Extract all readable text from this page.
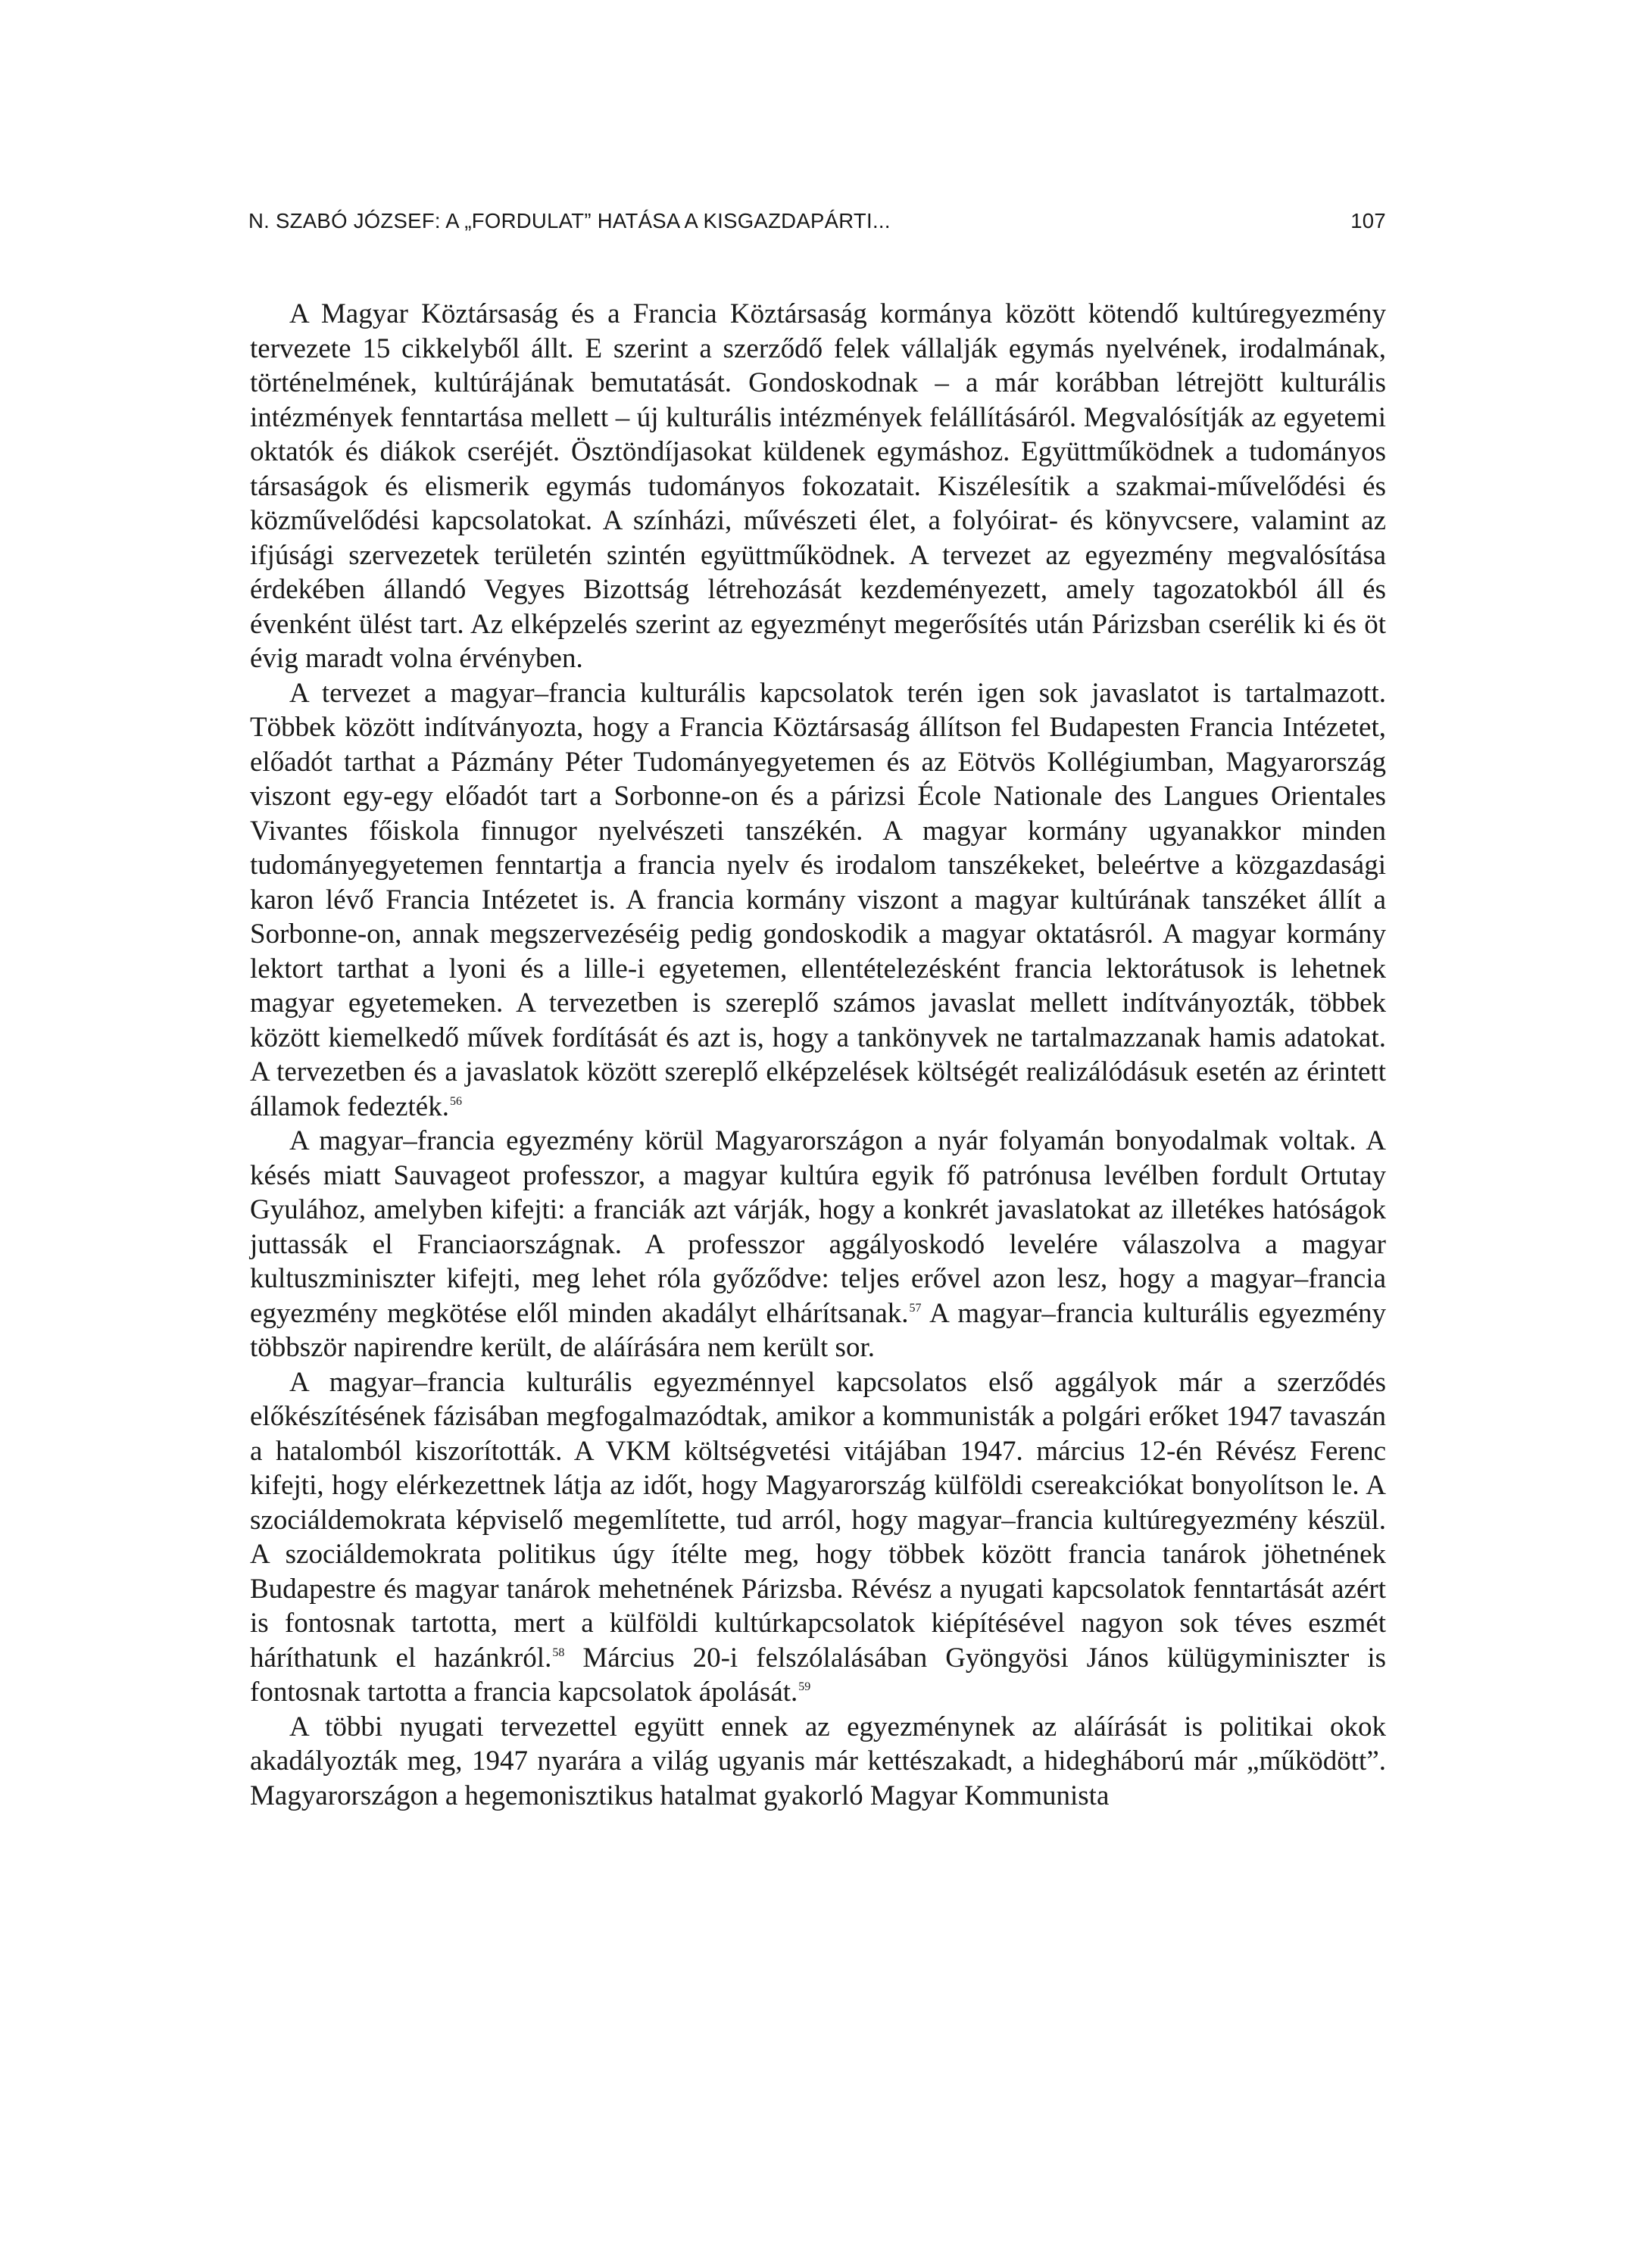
N. SZABÓ JÓZSEF: A „FORDULAT” HATÁSA A KISGAZDAPÁRTI...	107

A Magyar Köztársaság és a Francia Köztársaság kormánya között kötendő kultúregyezmény tervezete 15 cikkelyből állt. E szerint a szerződő felek vállalják egymás nyelvének, irodalmának, történelmének, kultúrájának bemutatását. Gondoskodnak – a már korábban létrejött kulturális intézmények fenntartása mellett – új kulturális intézmények felállításáról. Megvalósítják az egyetemi oktatók és diákok cseréjét. Ösztöndíjasokat küldenek egymáshoz. Együttműködnek a tudományos társaságok és elismerik egymás tudományos fokozatait. Kiszélesítik a szakmai-művelődési és közművelődési kapcsolatokat. A színházi, művészeti élet, a folyóirat- és könyvcsere, valamint az ifjúsági szervezetek területén szintén együttműködnek. A tervezet az egyezmény megvalósítása érdekében állandó Vegyes Bizottság létrehozását kezdeményezett, amely tagozatokból áll és évenként ülést tart. Az elképzelés szerint az egyezményt megerősítés után Párizsban cserélik ki és öt évig maradt volna érvényben.

A tervezet a magyar–francia kulturális kapcsolatok terén igen sok javaslatot is tartalmazott. Többek között indítványozta, hogy a Francia Köztársaság állítson fel Budapesten Francia Intézetet, előadót tarthat a Pázmány Péter Tudományegyetemen és az Eötvös Kollégiumban, Magyarország viszont egy-egy előadót tart a Sorbonne-on és a párizsi École Nationale des Langues Orientales Vivantes főiskola finnugor nyelvészeti tanszékén. A magyar kormány ugyanakkor minden tudományegyetemen fenntartja a francia nyelv és irodalom tanszékeket, beleértve a közgazdasági karon lévő Francia Intézetet is. A francia kormány viszont a magyar kultúrának tanszéket állít a Sorbonne-on, annak megszervezéséig pedig gondoskodik a magyar oktatásról. A magyar kormány lektort tarthat a lyoni és a lille-i egyetemen, ellentételezésként francia lektorátusok is lehetnek magyar egyetemeken. A tervezetben is szereplő számos javaslat mellett indítványozták, többek között kiemelkedő művek fordítását és azt is, hogy a tankönyvek ne tartalmazzanak hamis adatokat. A tervezetben és a javaslatok között szereplő elképzelések költségét realizálódásuk esetén az érintett államok fedezték.$^{56}$

A magyar–francia egyezmény körül Magyarországon a nyár folyamán bonyodalmak voltak. A késés miatt Sauvageot professzor, a magyar kultúra egyik fő patrónusa levélben fordult Ortutay Gyulához, amelyben kifejti: a franciák azt várják, hogy a konkrét javaslatokat az illetékes hatóságok juttassák el Franciaországnak. A professzor aggályoskodó levelére válaszolva a magyar kultuszminiszter kifejti, meg lehet róla győződve: teljes erővel azon lesz, hogy a magyar–francia egyezmény megkötése elől minden akadályt elhárítsanak.$^{57}$ A magyar–francia kulturális egyezmény többször napirendre került, de aláírására nem került sor.

A magyar–francia kulturális egyezménnyel kapcsolatos első aggályok már a szerződés előkészítésének fázisában megfogalmazódtak, amikor a kommunisták a polgári erőket 1947 tavaszán a hatalomból kiszorították. A VKM költségvetési vitájában 1947. március 12-én Révész Ferenc kifejti, hogy elérkezettnek látja az időt, hogy Magyarország külföldi csereakciókat bonyolítson le. A szociáldemokrata képviselő megemlítette, tud arról, hogy magyar–francia kultúregyezmény készül. A szociáldemokrata politikus úgy ítélte meg, hogy többek között francia tanárok jöhetnének Budapestre és magyar tanárok mehetnének Párizsba. Révész a nyugati kapcsolatok fenntartását azért is fontosnak tartotta, mert a külföldi kultúrkapcsolatok kiépítésével nagyon sok téves eszmét háríthatunk el hazánkról.$^{58}$ Március 20-i felszólalásában Gyöngyösi János külügyminiszter is fontosnak tartotta a francia kapcsolatok ápolását.$^{59}$

A többi nyugati tervezettel együtt ennek az egyezménynek az aláírását is politikai okok akadályozták meg, 1947 nyarára a világ ugyanis már kettészakadt, a hidegháború már „működött”. Magyarországon a hegemonisztikus hatalmat gyakorló Magyar Kommunista
